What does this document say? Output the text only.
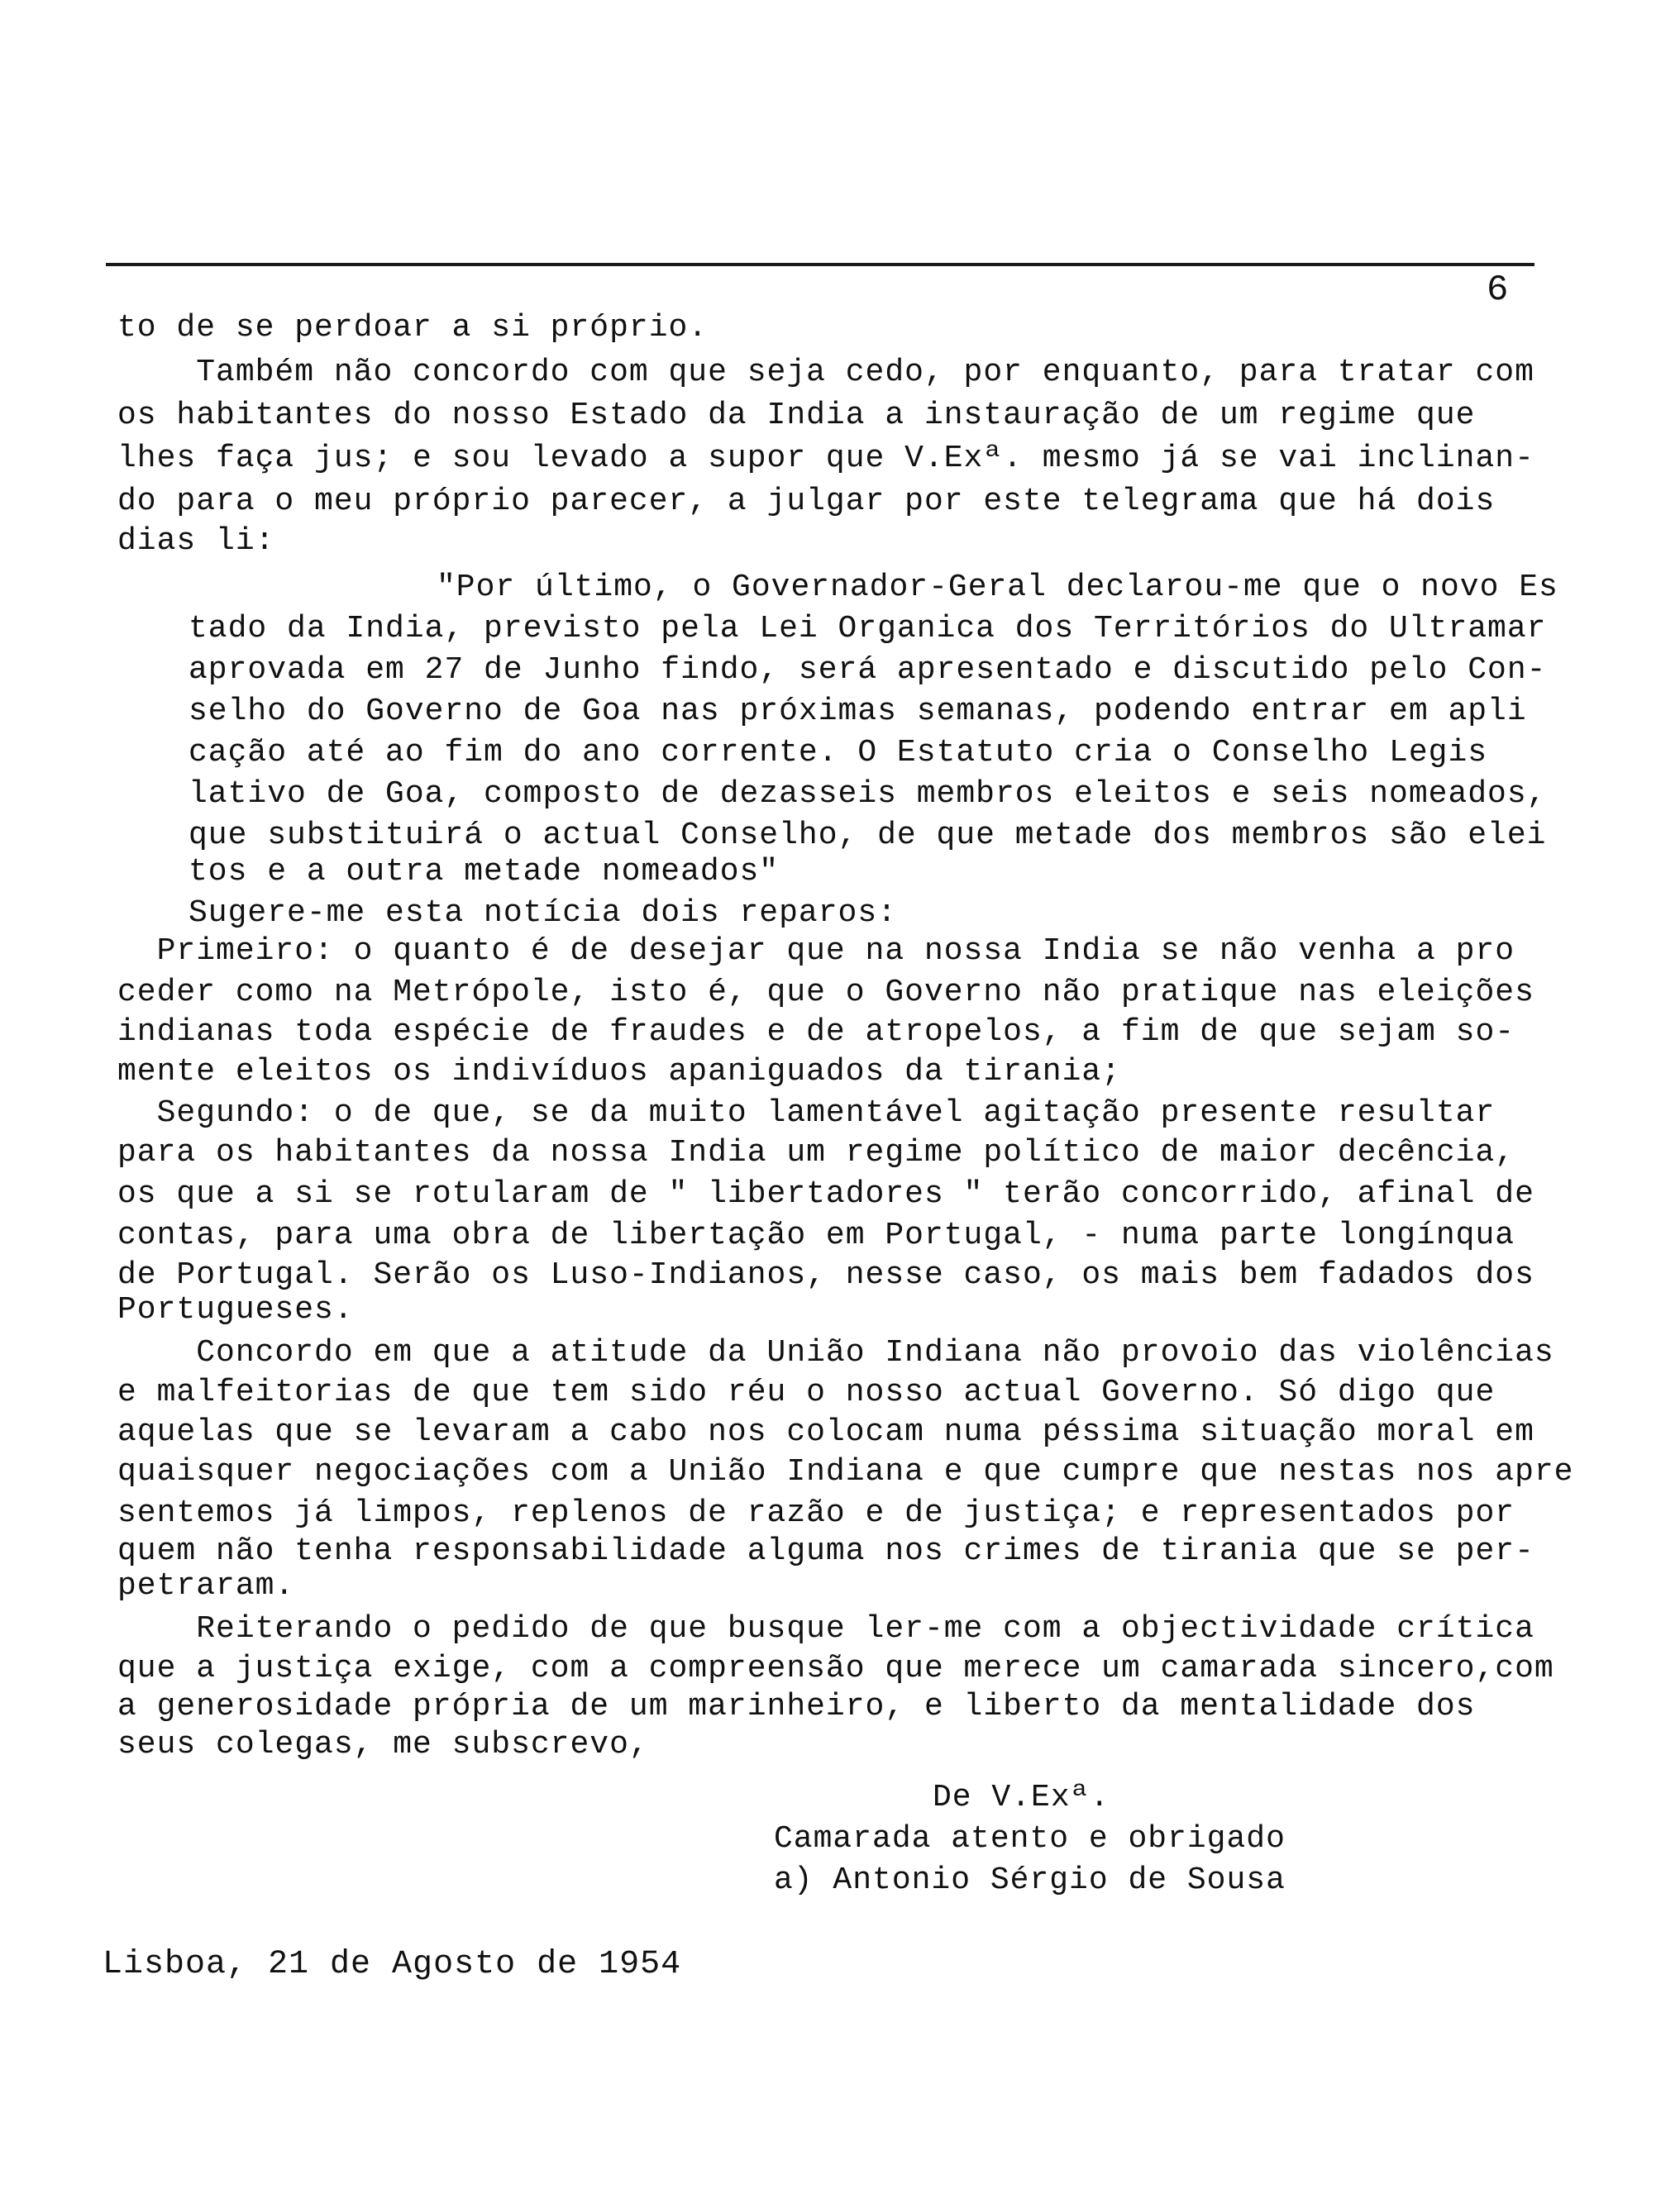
6

to de se perdoar a si próprio.

Também não concordo com que seja cedo, por enquanto, para tratar com

os habitantes do nosso Estado da India a instauração de um regime que

lhes faça jus; e sou levado a supor que V.Exª. mesmo já se vai inclinan-

do para o meu próprio parecer, a julgar por este telegrama que há dois

dias li:

"Por último, o Governador-Geral declarou-me que o novo Es

tado da India, previsto pela Lei Organica dos Territórios do Ultramar

aprovada em 27 de Junho findo, será apresentado e discutido pelo Con-

selho do Governo de Goa nas próximas semanas, podendo entrar em apli

cação até ao fim do ano corrente. O Estatuto cria o Conselho Legis

lativo de Goa, composto de dezasseis membros eleitos e seis nomeados,

que substituirá o actual Conselho, de que metade dos membros são elei

tos e a outra metade nomeados"

Sugere-me esta notícia dois reparos:

Primeiro: o quanto é de desejar que na nossa India se não venha a pro

ceder como na Metrópole, isto é, que o Governo não pratique nas eleições

indianas toda espécie de fraudes e de atropelos, a fim de que sejam so-

mente eleitos os indivíduos apaniguados da tirania;

Segundo: o de que, se da muito lamentável agitação presente resultar

para os habitantes da nossa India um regime político de maior decência,

os que a si se rotularam de " libertadores " terão concorrido, afinal de

contas, para uma obra de libertação em Portugal, - numa parte longínqua

de Portugal. Serão os Luso-Indianos, nesse caso, os mais bem fadados dos

Portugueses.

Concordo em que a atitude da União Indiana não provoio das violências

e malfeitorias de que tem sido réu o nosso actual Governo. Só digo que

aquelas que se levaram a cabo nos colocam numa péssima situação moral em

quaisquer negociações com a União Indiana e que cumpre que nestas nos apre

sentemos já limpos, replenos de razão e de justiça; e representados por

quem não tenha responsabilidade alguma nos crimes de tirania que se per-

petraram.

Reiterando o pedido de que busque ler-me com a objectividade crítica

que a justiça exige, com a compreensão que merece um camarada sincero,com

a generosidade própria de um marinheiro, e liberto da mentalidade dos

seus colegas, me subscrevo,

De V.Exª.

Camarada atento e obrigado

a) Antonio Sérgio de Sousa

Lisboa, 21 de Agosto de 1954
